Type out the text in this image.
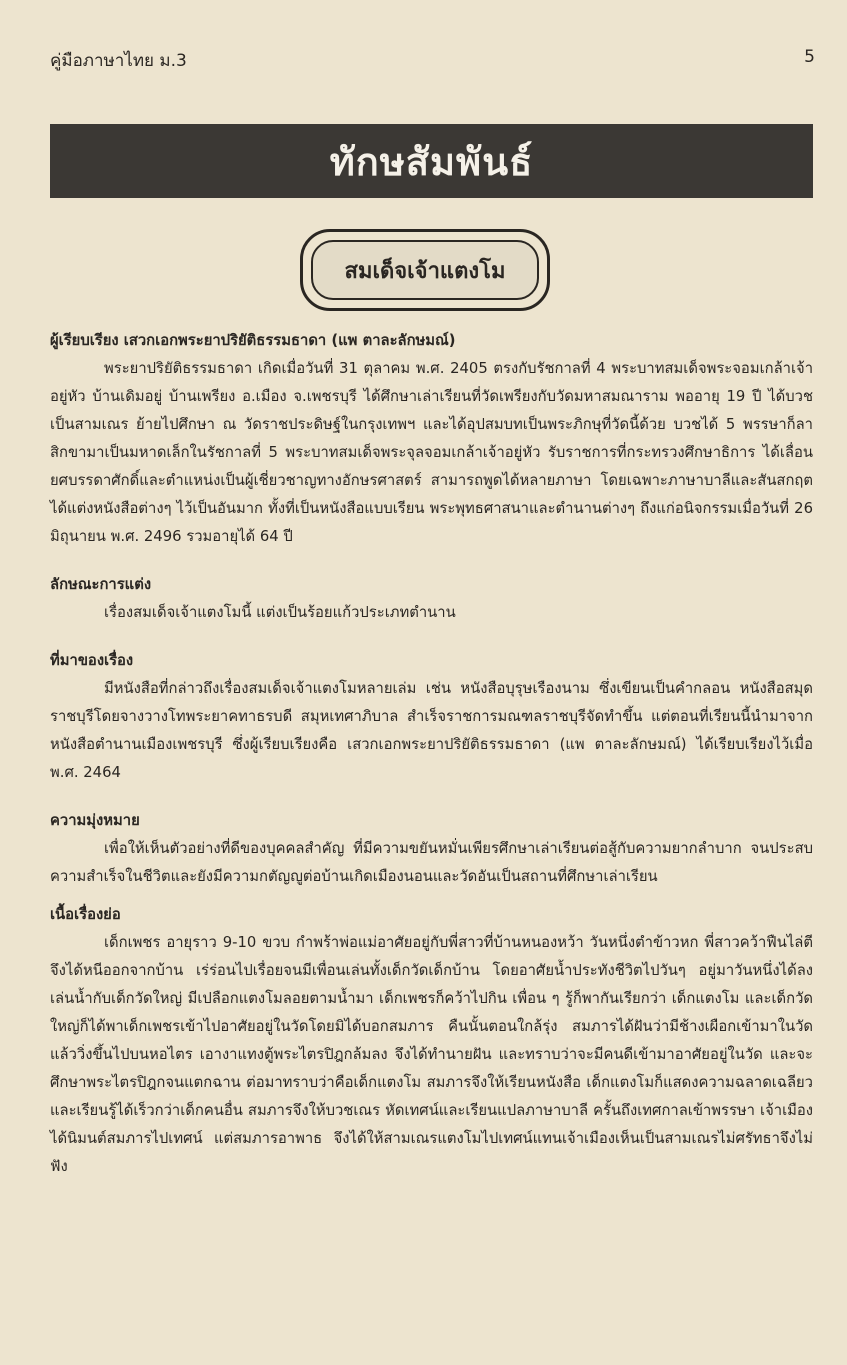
คู่มือภาษาไทย ม.3	5
ทักษสัมพันธ์
สมเด็จเจ้าแตงโม

ผู้เรียบเรียง เสวกเอกพระยาปริยัติธรรมธาดา (แพ ตาละลักษมณ์)

พระยาปริยัติธรรมธาดา เกิดเมื่อวันที่ 31 ตุลาคม พ.ศ. 2405 ตรงกับรัชกาลที่ 4 พระบาทสมเด็จพระจอมเกล้าเจ้าอยู่หัว บ้านเดิมอยู่ บ้านเพรียง อ.เมือง จ.เพชรบุรี ได้ศึกษาเล่าเรียนที่วัดเพรียงกับวัดมหาสมณาราม พออายุ 19 ปี ได้บวชเป็นสามเณร ย้ายไปศึกษา ณ วัดราชประดิษฐ์ในกรุงเทพฯ และได้อุปสมบทเป็นพระภิกษุที่วัดนี้ด้วย บวชได้ 5 พรรษาก็ลาสิกขามาเป็นมหาดเล็กในรัชกาลที่ 5 พระบาทสมเด็จพระจุลจอมเกล้าเจ้าอยู่หัว รับราชการที่กระทรวงศึกษาธิการ ได้เลื่อนยศบรรดาศักดิ์และตำแหน่งเป็นผู้เชี่ยวชาญทางอักษรศาสตร์ สามารถพูดได้หลายภาษา โดยเฉพาะภาษาบาลีและสันสกฤต ได้แต่งหนังสือต่างๆ ไว้เป็นอันมาก ทั้งที่เป็นหนังสือแบบเรียน พระพุทธศาสนาและตำนานต่างๆ ถึงแก่อนิจกรรมเมื่อวันที่ 26 มิถุนายน พ.ศ. 2496 รวมอายุได้ 64 ปี

ลักษณะการแต่ง

เรื่องสมเด็จเจ้าแตงโมนี้ แต่งเป็นร้อยแก้วประเภทตำนาน

ที่มาของเรื่อง

มีหนังสือที่กล่าวถึงเรื่องสมเด็จเจ้าแตงโมหลายเล่ม เช่น หนังสือบุรุษเรืองนาม ซึ่งเขียนเป็นคำกลอน หนังสือสมุดราชบุรีโดยจางวางโทพระยาคทาธรบดี สมุหเทศาภิบาล สำเร็จราชการมณฑลราชบุรีจัดทำขึ้น แต่ตอนที่เรียนนี้นำมาจากหนังสือตำนานเมืองเพชรบุรี ซึ่งผู้เรียบเรียงคือ เสวกเอกพระยาปริยัติธรรมธาดา (แพ ตาละลักษมณ์) ได้เรียบเรียงไว้เมื่อ พ.ศ. 2464

ความมุ่งหมาย

เพื่อให้เห็นตัวอย่างที่ดีของบุคคลสำคัญ ที่มีความขยันหมั่นเพียรศึกษาเล่าเรียนต่อสู้กับความยากลำบาก จนประสบความสำเร็จในชีวิตและยังมีความกตัญญูต่อบ้านเกิดเมืองนอนและวัดอันเป็นสถานที่ศึกษาเล่าเรียน

เนื้อเรื่องย่อ

เด็กเพชร อายุราว 9-10 ขวบ กำพร้าพ่อแม่อาศัยอยู่กับพี่สาวที่บ้านหนองหว้า วันหนึ่งตำข้าวหก พี่สาวคว้าฟืนไล่ตีจึงได้หนีออกจากบ้าน เร่ร่อนไปเรื่อยจนมีเพื่อนเล่นทั้งเด็กวัดเด็กบ้าน โดยอาศัยน้ำประทังชีวิตไปวันๆ อยู่มาวันหนึ่งได้ลงเล่นน้ำกับเด็กวัดใหญ่ มีเปลือกแตงโมลอยตามน้ำมา เด็กเพชรก็คว้าไปกิน เพื่อน ๆ รู้ก็พากันเรียกว่า เด็กแตงโม และเด็กวัดใหญ่ก็ได้พาเด็กเพชรเข้าไปอาศัยอยู่ในวัดโดยมิได้บอกสมภาร คืนนั้นตอนใกล้รุ่ง สมภารได้ฝันว่ามีช้างเผือกเข้ามาในวัดแล้ววิ่งขึ้นไปบนหอไตร เอางาแทงตู้พระไตรปิฎกล้มลง จึงได้ทำนายฝัน และทราบว่าจะมีคนดีเข้ามาอาศัยอยู่ในวัด และจะศึกษาพระไตรปิฎกจนแตกฉาน ต่อมาทราบว่าคือเด็กแตงโม สมภารจึงให้เรียนหนังสือ เด็กแตงโมก็แสดงความฉลาดเฉลียว และเรียนรู้ได้เร็วกว่าเด็กคนอื่น สมภารจึงให้บวชเณร หัดเทศน์และเรียนแปลภาษาบาลี ครั้นถึงเทศกาลเข้าพรรษา เจ้าเมืองได้นิมนต์สมภารไปเทศน์ แต่สมภารอาพาธ จึงได้ให้สามเณรแตงโมไปเทศน์แทนเจ้าเมืองเห็นเป็นสามเณรไม่ศรัทธาจึงไม่ฟัง
